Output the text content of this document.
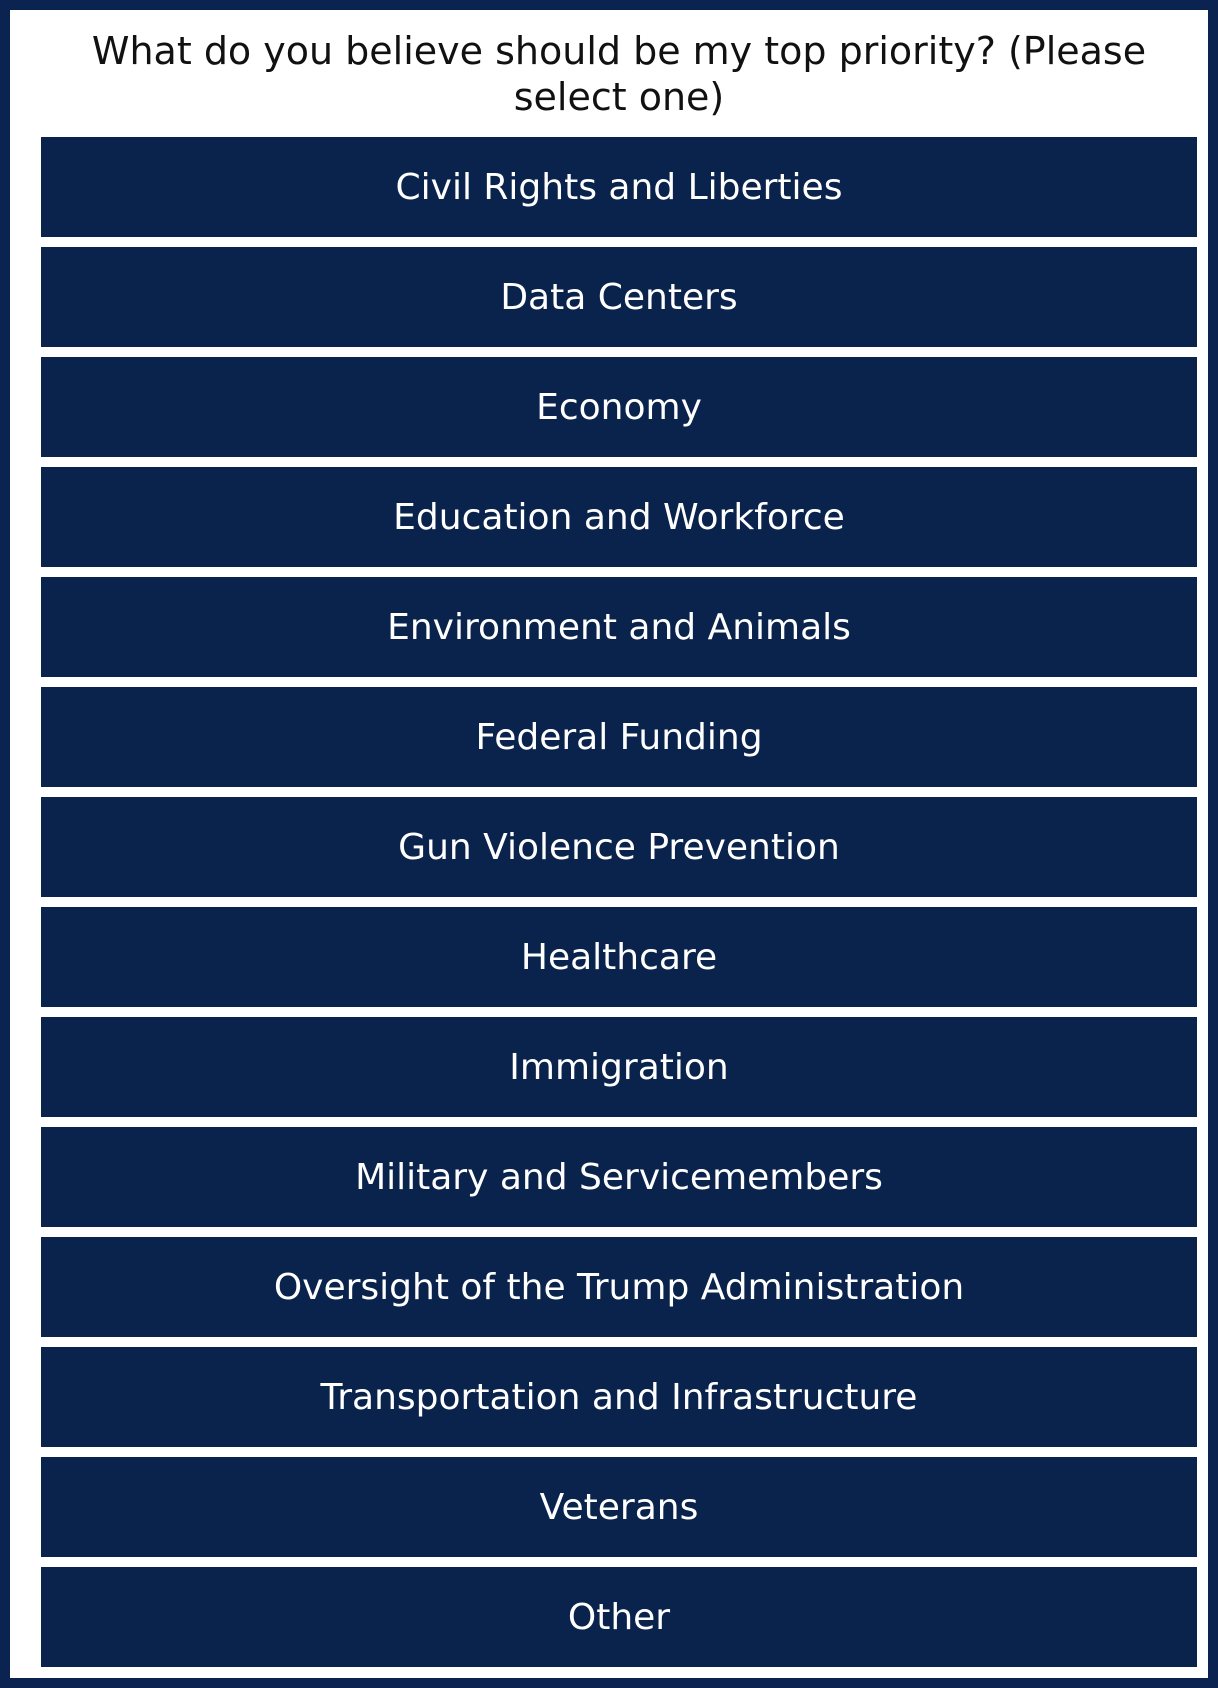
What do you believe should be my top priority? (Please select one)
Civil Rights and Liberties
Data Centers
Economy
Education and Workforce
Environment and Animals
Federal Funding
Gun Violence Prevention
Healthcare
Immigration
Military and Servicemembers
Oversight of the Trump Administration
Transportation and Infrastructure
Veterans
Other
